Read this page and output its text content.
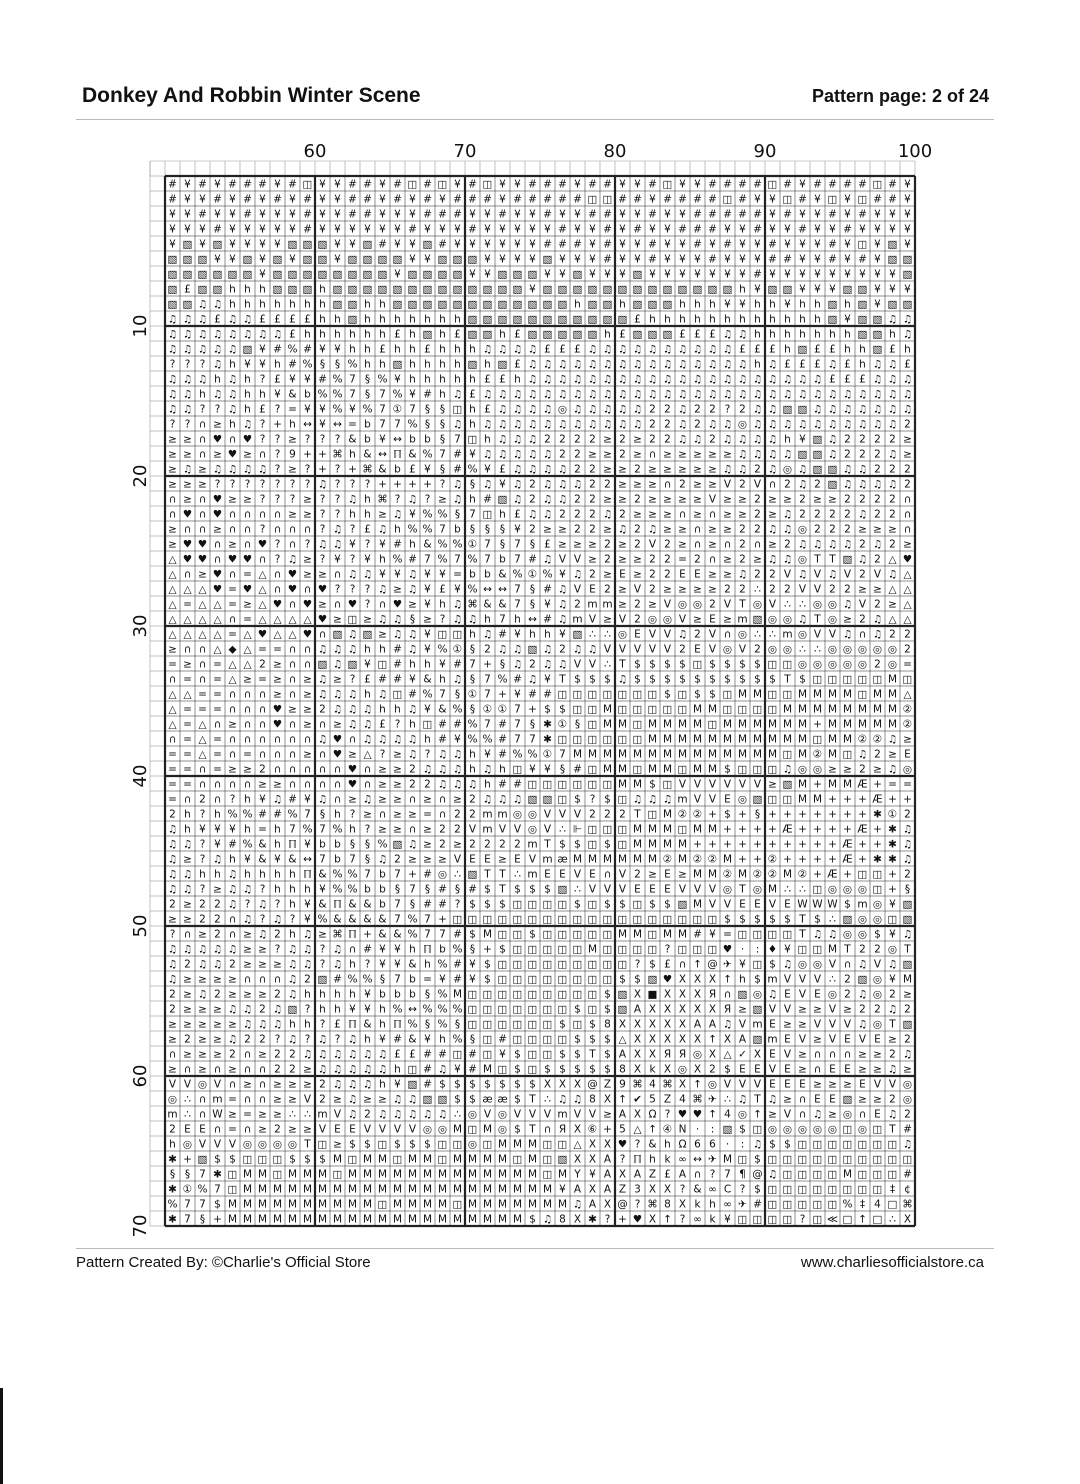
Donkey And Robbin Winter Scene	Pattern page: 2 of 24
60	70	80	90	100
10
20
30
40
50
60
70
# ¥ # ¥ # # # ¥ # ◫ ¥ ¥ # # ¥ # ◫ # ◫ ¥ # ◫ ¥ ¥ # # # ¥ # # ¥ ¥ # ◫ ¥ ¥ # # # # ◫ # ¥ # # # # ◫ # ¥
# ¥ ¥ # ¥ # ¥ # ¥ # ¥ ¥ # # ¥ # ¥ # ¥ # # # ¥ # # # # # ◫ ◫ # # ¥ # # # # ◫ # ¥ ¥ ◫ # ¥ ◫ ¥ ◫ # # ¥
¥ ¥ # ¥ ¥ # ¥ ¥ ¥ # ¥ ¥ # # ¥ ¥ ¥ # # # ¥ ¥ # ¥ ¥ # ¥ ¥ # # ¥ ¥ # ¥ ¥ # # # # # ¥ # ¥ ¥ # ¥ # ¥ ¥ ¥
¥ ¥ ¥ # ¥ ¥ ¥ ¥ ¥ # ¥ ¥ ¥ ¥ ¥ ¥ # ¥ ¥ ¥ # ¥ ¥ ¥ ¥ ¥ # ¥ ¥ # ¥ # ¥ ¥ # # # ¥ ¥ # ¥ ¥ # ¥ ¥ # ¥ ¥ ¥ ¥
¥ ▧ ¥ ▧ ¥ ¥ ¥ ¥ ▧ ▧ ▧ ¥ ¥ ▧ # ¥ ¥ ▧ # ¥ ¥ ¥ ¥ ¥ ¥ # # # ¥ # ¥ ¥ # ¥ ¥ # ¥ # ¥ ¥ # ¥ ¥ ¥ # ¥ ◫ ¥ ▧ ¥
▧ ▧ ▧ ¥ ¥ ▧ ¥ ▧ ¥ ▧ ▧ ¥ ▧ ▧ ▧ ▧ ¥ ¥ ▧ ▧ ▧ ¥ ¥ ¥ ¥ ▧ ¥ ¥ ¥ # ¥ ¥ # ¥ ¥ ¥ # ¥ ¥ ¥ # # ¥ ¥ # ¥ # ¥ ▧ ▧
▧ ▧ ▧ ▧ ▧ ▧ ¥ ▧ ▧ ▧ ▧ ▧ ▧ ▧ ▧ ¥ ▧ ▧ ▧ ▧ ¥ ¥ ▧ ▧ ▧ ¥ ¥ ▧ ¥ ¥ ¥ ▧ ¥ ¥ ¥ ¥ ¥ ¥ ¥ # ¥ ¥ ¥ ¥ ¥ ¥ ¥ ¥ ¥ ▧
▧ £ ▧ ▧ h h h ▧ ▧ ▧ h ▧ ▧ ▧ ▧ ▧ ▧ ▧ ▧ ▧ ▧ ▧ ▧ ▧ ¥ ▧ ▧ ▧ ▧ ▧ ▧ ▧ ▧ ▧ ▧ ▧ ▧ ▧ h ¥ ▧ ▧ ¥ ¥ ¥ ▧ ▧ ¥ ¥ ¥
▧ ▧ ♫ ♫ h h h h h h h ▧ ▧ h h ▧ ▧ ▧ ▧ ▧ ▧ ▧ ▧ ▧ ▧ ▧ ▧ h ▧ ▧ h ▧ ▧ ▧ h h h ¥ ¥ h h ¥ h h ▧ h ▧ ¥ ▧ ▧
♫ ♫ ♫ £ ♫ ♫ £ £ £ £ h h ▧ h h h h h h h ▧ ▧ ▧ ▧ ▧ ▧ ▧ ▧ ▧ ▧ ▧ £ h h h h h h h h h h h h ▧ ¥ ▧ ▧ ♫ ♫
♫ ♫ ♫ ♫ ♫ ♫ ♫ ♫ £ h h h h h h £ h ▧ h £ ▧ ▧ h £ ▧ ▧ ▧ ▧ ▧ h £ ▧ ▧ ▧ £ £ £ ♫ ♫ h h h h h h h ▧ ▧ h ♫
♫ ♫ ♫ ♫ ♫ ▧ ¥ # % # ¥ ¥ h h £ h h £ h h h ♫ ♫ ♫ ♫ £ £ £ ♫ ♫ ♫ ♫ ♫ ♫ ♫ ♫ ♫ ♫ £ £ £ h ▧ £ £ h h ▧ £ h
? ? ? ♫ h ¥ ¥ h # % § § % h h ▧ h h h h ▧ h ▧ £ ♫ ♫ ♫ ♫ ♫ ♫ ♫ ♫ ♫ ♫ ♫ ♫ ♫ ♫ ♫ h ♫ £ £ £ ♫ £ h ♫ ♫ £
♫ ♫ ♫ h ♫ h ? £ ¥ ¥ # % 7 § % ¥ h h h h h £ £ h ♫ ♫ ♫ ♫ ♫ ♫ ♫ ♫ ♫ ♫ ♫ ♫ ♫ ♫ ♫ ♫ ♫ ♫ ♫ ♫ £ £ £ ♫ ♫ ♫
♫ ♫ h ♫ ♫ h h ¥ & b % % 7 § 7 % ¥ # h ♫ £ ♫ ♫ ♫ ♫ ♫ ♫ ♫ ♫ ♫ ♫ ♫ ♫ ♫ ♫ ♫ ♫ ♫ ♫ ♫ ♫ ♫ ♫ ♫ ♫ ♫ ♫ ♫ ♫ ♫
♫ ♫ ? ? ♫ h £ ? = ¥ ¥ % ¥ % 7 ① 7 § § ◫ h £ ♫ ♫ ♫ ♫ ◎ ♫ ♫ ♫ ♫ ♫ 2 2 ♫ 2 2 ? 2 ♫ ♫ ▧ ▧ ♫ ♫ ♫ ♫ ♫ ♫ ♫
? ? ∩ ≥ h ♫ ? + h ↔ ¥ ↔ = b 7 7 % § § ♫ h ♫ ♫ ♫ ♫ ♫ ♫ ♫ ♫ ♫ ♫ ♫ 2 2 ♫ 2 ♫ ♫ ◎ ♫ ♫ ♫ ♫ ♫ ♫ ♫ ♫ ♫ ♫ 2
≥ ≥ ∩ ♥ ∩ ♥ ? ? ≥ ? ? ? & b ¥ ↔ b b § 7 ◫ h ♫ ♫ ♫ 2 2 2 2 ≥ 2 ≥ 2 2 ♫ ♫ 2 ♫ ♫ ♫ ♫ h ¥ ▧ ♫ 2 2 2 2 ≥
≥ ≥ ∩ ≥ ♥ ≥ ∩ ? 9 + + ⌘ h & ↔ ℿ & % 7 # ¥ ♫ ♫ ♫ ♫ ♫ 2 2 ≥ ≥ 2 ≥ ∩ ≥ ≥ ≥ ≥ ≥ ♫ ♫ ♫ ♫ ▧ ▧ ♫ 2 2 2 ♫ ≥
≥ ♫ ≥ ♫ ♫ ♫ ♫ ? ≥ ? + ? + ⌘ & b £ ¥ § # % ¥ £ ♫ ♫ ♫ ♫ 2 2 ≥ ≥ 2 ≥ ≥ ≥ ≥ ≥ ♫ ♫ 2 ♫ ◎ ♫ ▧ ▧ ♫ ♫ 2 2 2
≥ ≥ ≥ ? ? ? ? ? ? ? ♫ ? ? ? + + + + ? ♫ § ♫ ¥ ♫ 2 ♫ ♫ ♫ 2 2 ≥ ≥ ≥ ∩ 2 ≥ ≥ V 2 V ∩ 2 ♫ 2 ▧ ♫ ♫ ♫ ♫ 2
∩ ≥ ∩ ♥ ≥ ≥ ? ? ? ≥ ? ? ♫ h ⌘ ? ♫ ? ≥ ♫ h # ▧ ♫ 2 ♫ ♫ 2 2 ≥ ≥ 2 ≥ ≥ ≥ ≥ V ≥ ≥ 2 ≥ ≥ 2 ≥ ≥ 2 2 2 2 ∩
∩ ♥ ∩ ♥ ∩ ∩ ∩ ∩ ≥ ≥ ? ? h h ≥ ♫ ¥ % % § 7 ◫ h £ ♫ ♫ 2 2 2 ♫ 2 ≥ ≥ ≥ ∩ ≥ ∩ ≥ ≥ 2 ≥ ♫ 2 2 2 2 ♫ 2 2 ∩
≥ ∩ ∩ ≥ ∩ ∩ ? ∩ ∩ ∩ ? ♫ ? £ ♫ h % % 7 b § § § ¥ 2 ≥ ≥ 2 2 ≥ ♫ 2 ♫ ≥ ≥ ∩ ≥ ≥ 2 2 ♫ ♫ ◎ 2 2 2 ≥ ≥ ≥ ∩
≥ ♥ ♥ ∩ ≥ ∩ ♥ ? ∩ ? ♫ ♫ ¥ ? ¥ # h & % % ① 7 § 7 § £ ≥ ≥ ≥ 2 ≥ 2 V 2 ≥ ∩ ≥ ∩ 2 ∩ ≥ 2 ♫ ♫ ♫ ♫ 2 ♫ 2 ≥
△ ♥ ♥ ∩ ♥ ♥ ∩ ? ♫ ≥ ? ¥ ? ¥ h % # 7 % 7 % 7 b 7 # ♫ V V ≥ 2 ≥ ≥ 2 2 = 2 ∩ ≥ 2 ≥ ♫ ♫ ◎ T T ▧ ♫ 2 △ ♥
△ ∩ ≥ ♥ ∩ = △ ∩ ♥ ≥ ≥ ∩ ♫ ♫ ¥ ¥ ♫ ¥ ¥ = b b & % ① % ¥ ♫ 2 ≥ E ≥ 2 2 E E ≥ ≥ ♫ 2 2 V ♫ V ♫ V 2 V ♫ △
△ △ △ ♥ = ♥ △ ∩ ♥ ∩ ♥ ? ? ? ♫ ≥ ♫ ¥ £ ¥ % ↔ ↔ 7 § # ♫ V E 2 ≥ V 2 ≥ ≥ ≥ ≥ 2 2 ∴ 2 2 V V 2 2 ≥ ≥ △ △
△ = △ △ = ≥ △ ♥ ∩ ♥ ≥ ∩ ♥ ? ∩ ♥ ≥ ¥ h ♫ ⌘ & & 7 § ¥ ♫ 2 m m ≥ 2 ≥ V ◎ ◎ 2 V T ◎ V ∴ ∴ ◎ ◎ ♫ V 2 ≥ △
△ △ △ △ ∩ = △ △ △ △ ♥ ≥ ◫ ≥ ♫ ♫ § ≥ ? ♫ ♫ h 7 h ↔ # ♫ m V ≥ V 2 ◎ ◎ V ≥ E ≥ m ▧ ◎ ◎ ♫ T ◎ ≥ 2 ♫ △ △
△ △ △ △ = △ ♥ △ △ ♥ ∩ ▧ ♫ ▧ ≥ ♫ ♫ ¥ ◫ ◫ h ♫ # ¥ h h ¥ ▧ ∴ ∴ ◎ E V V ♫ 2 V ∩ ◎ ∴ ∴ m ◎ V V ♫ ∩ ♫ 2 2
≥ ∩ ∩ △ ◆ △ = = ∩ ∩ ♫ ♫ ♫ h h # ♫ ¥ % ① § 2 ♫ ♫ ▧ ♫ 2 ♫ ♫ V V V V V 2 E V ◎ V 2 ◎ ◎ ∴ ∴ ◎ ◎ ◎ ◎ ◎ 2
= ≥ ∩ = △ △ 2 ≥ ∩ ∩ ▧ ♫ ▧ ¥ ◫ # h h ¥ # 7 + § ♫ 2 ♫ ♫ V V ∴ T $ $ $ $ ◫ $ $ $ $ ◫ ◫ ◎ ◎ ◎ ◎ ◎ 2 ◎ =
∩ = ∩ = △ ≥ = ≥ ∩ ≥ ♫ ≥ ? £ # # ¥ & h ♫ § 7 % # ♫ ¥ T $ $ $ ♫ $ $ $ $ $ $ $ $ $ $ T $ ◫ ◫ ◫ ◫ ◫ M ◫
△ △ = = ∩ ∩ ∩ ≥ ∩ ≥ ♫ ♫ ♫ h ♫ ◫ # % 7 § ① 7 + ¥ # # ◫ ◫ ◫ ◫ ◫ ◫ ◫ $ ◫ $ $ ◫ M M ◫ ◫ M M M M ◫ M M △
△ = = = ∩ ∩ ∩ ♥ ≥ ≥ 2 ♫ ♫ ♫ h h ♫ ¥ & % § ① ① 7 + $ $ ◫ ◫ M ◫ ◫ ◫ ◫ ◫ M M ◫ ◫ ◫ ◫ M M M M M M M M ②
△ = △ ∩ ≥ ∩ ∩ ♥ ∩ ≥ ∩ ≥ ♫ ♫ £ ? h ◫ # # % 7 # 7 § ✱ ① § ◫ M M ◫ M M M M ◫ M M M M M M + M M M M M ②
∩ = △ = ∩ ∩ ∩ ∩ ∩ ∩ ♫ ♥ ∩ ♫ ♫ ♫ ♫ h # ¥ % % # 7 7 ✱ ◫ ◫ ◫ ◫ ◫ ◫ M M M M M M M M M M M ◫ M M ② ② ♫ ≥
= = △ = ∩ = ∩ ∩ ∩ ≥ ∩ ♥ ≥ △ ? ≥ ♫ ? ♫ ♫ h ¥ # % % ① 7 M M M M M M M M M M M M M M ◫ M ② M ◫ ♫ 2 ≥ E
= = ∩ = ≥ ≥ 2 ∩ ∩ ∩ ∩ ∩ ♥ ∩ ≥ ≥ 2 ♫ ♫ ♫ h ♫ h ◫ ¥ ¥ § # ◫ M M ◫ M M ◫ M M $ ◫ ◫ ◫ ♫ ◎ ◎ ≥ ≥ 2 ≥ ♫ ◎
= = ∩ ∩ ∩ ∩ ≥ ≥ ∩ ∩ ∩ ∩ ♥ ∩ ≥ ≥ 2 2 ♫ ♫ ♫ h # # ◫ ◫ ◫ ◫ ◫ ◫ M M $ ◫ V V V V V V ≥ ▧ M + M M Æ + = =
= ∩ 2 ∩ ? h ¥ ♫ # ¥ ♫ ∩ ≥ ♫ ≥ ≥ ∩ ≥ ∩ ≥ 2 ♫ ♫ ♫ ▧ ▧ ◫ $ ? $ ◫ ♫ ♫ ♫ m V V E ◎ ▧ ◫ ◫ M M + + + Æ + +
2 h ? h % % # # % 7 § h ? ≥ ∩ ≥ ≥ = ∩ 2 2 m m ◎ ◎ V V V 2 2 2 T ◫ M ② ② + $ + § + + + + + + + ✱ ① 2
♫ h ¥ ¥ ¥ h = h 7 % 7 % h ? ≥ ≥ ∩ ≥ 2 2 V m V V ◎ V ∴ ⊩ ◫ ◫ ◫ M M M ◫ M M + + + + Æ + + + + Æ + ✱ ♫
♫ ♫ ? ¥ # % & h ℿ ¥ b b § § % ▧ ♫ ≥ 2 ≥ 2 2 2 2 m T $ $ ◫ $ ◫ M M M M + + + + + + + + + + Æ + + ✱ ♫
♫ ≥ ? ♫ h ¥ & ¥ & ↔ 7 b 7 § ♫ 2 ≥ ≥ ≥ V E E ≥ E V m æ M M M M M M ② M ② ② M + + ② + + + + Æ + ✱ ✱ ♫
♫ ♫ h h ♫ h h h h ℿ & % % 7 b 7 + # ◎ ∴ ▧ T T ∴ m E E V E ∩ V 2 ≥ E ≥ M M ② M ② ② M ② + Æ + ◫ ◫ + 2
♫ ♫ ? ≥ ♫ ♫ ? h h h ¥ % % b b § 7 § # § # $ T $ $ $ ▧ ∴ V V V E E E V V V ◎ T ◎ M ∴ ∴ ◫ ◎ ◎ ◎ ◫ + §
2 ≥ 2 2 ♫ ? ♫ ? h ¥ & ℿ & & b 7 § # # ? $ $ $ ◫ ◫ ◫ ◫ $ ◫ $ $ ◫ $ $ ▧ M V V E E V E W W W $ m ◎ ¥ ▧
≥ ≥ 2 2 ∩ ♫ ? ♫ ? ¥ % & & & & 7 % 7 + ◫ ◫ ◫ ◫ ◫ ◫ ◫ ◫ ◫ ◫ ◫ ◫ ◫ ◫ ◫ ◫ ◫ ◫ $ $ $ $ $ T $ ∴ ▧ ◎ ◎ ◫ ▧
? ∩ ≥ 2 ∩ ≥ ♫ 2 h ♫ ≥ ⌘ ℿ + & & % 7 7 # $ M ◫ ◫ $ ◫ ◫ ◫ ◫ ◫ M M ◫ M M # ¥ = ◫ ◫ ◫ ◫ T ♫ ♫ ◎ ◎ $ ¥ ♫
♫ ♫ ♫ ♫ ♫ ≥ ≥ ? ♫ ♫ ? ♫ ∩ # ¥ ¥ h ℿ b % § + $ ◫ ◫ ◫ ◫ ◫ M ◫ ◫ ◫ ◫ ? ◫ ◫ ◫ ♥ · : ♦ ¥ ◫ ◫ M T 2 2 ◎ T
♫ 2 ♫ ♫ 2 ≥ ≥ ≥ ♫ ♫ ? ♫ h ? ¥ ¥ & h % # ¥ $ ◫ ◫ ◫ ◫ ◫ ◫ ◫ ◫ ◫ ? $ £ ∩ ↑ @ ✈ ¥ ◫ $ ♫ ◎ ◎ V ∩ ♫ V ♫ ▧
♫ ≥ ≥ ≥ ≥ ∩ ∩ ∩ ♫ 2 ▧ # % % § 7 b = ¥ # ¥ $ ◫ ◫ ◫ ◫ ◫ ◫ ◫ ◫ $ $ ▧ ♥ X X X ↑ h $ m V V V ∴ 2 ▧ ◎ ¥ M
2 ≥ ♫ 2 ≥ ≥ ≥ 2 ♫ h h h h ¥ b b b § % M ◫ ◫ ◫ ◫ ◫ ◫ ◫ ◫ ◫ $ ▧ X ■ X X X Я ∩ ▧ ◎ ♫ E V E ◎ 2 ♫ ◎ 2 ≥
2 ≥ ≥ ≥ ♫ ♫ 2 ♫ ▧ ? h h ¥ ¥ h % ↔ % % % ◫ ◫ ◫ ◫ ◫ ◫ ◫ $ ◫ $ ▧ A X X X X X Я ≥ ▧ V V ≥ ≥ V ≥ 2 2 ♫ 2
≥ ≥ ≥ ≥ ≥ ♫ ♫ ♫ h h ? £ ℿ & h ℿ % § % § ◫ ◫ ◫ ◫ ◫ ◫ $ ◫ $ 8 X X X X X A A ♫ V m E ≥ ≥ V V V ♫ ◎ T ▧
≥ 2 ≥ ≥ ♫ 2 2 ? ♫ ? ♫ ? ♫ h ¥ # & ¥ h % § ◫ # ◫ ◫ ◫ ◫ $ $ $ △ X X X X X ↑ X A ▧ m E V ≥ V E V E ≥ 2
∩ ≥ ≥ ≥ 2 ∩ ≥ 2 2 ♫ ♫ ♫ ♫ ♫ ♫ £ £ # # ◫ # ◫ ¥ $ ◫ ◫ $ $ T $ A X X Я Я ◎ X △ ✓ X E V ≥ ∩ ∩ ∩ ≥ ≥ 2 ♫
≥ ∩ ≥ ∩ ≥ ∩ ∩ 2 2 ≥ ♫ ♫ ♫ ♫ ♫ h ◫ # ♫ ¥ # M ◫ $ ◫ $ $ $ $ $ 8 X k X ◎ X 2 $ E E V E ≥ ∩ E E ≥ ≥ ♫ ≥
V V ◎ V ∩ ≥ ∩ ≥ ≥ ≥ 2 ♫ ♫ ♫ h ¥ ▧ # $ $ $ $ $ $ $ X X X @ Z 9 ⌘ 4 ⌘ X ↑ ◎ V V V E E E ≥ ≥ ≥ E V V ◎
◎ ∴ ∩ m = ∩ ∩ ≥ ≥ V 2 ≥ ♫ ≥ ≥ ♫ ♫ ▧ ▧ $ $ æ æ $ T ∴ ♫ ♫ 8 X ↑ ✔ 5 Z 4 ⌘ ✈ ∴ ♫ T ♫ ≥ ∩ E E ▧ ≥ ≥ 2 ◎
m ∴ ∩ W ≥ = ≥ ≥ ∴ ∴ m V ♫ 2 ♫ ♫ ♫ ♫ ♫ ∴ ◎ V ◎ V V V m V V ≥ A X Ω ? ♥ ♥ ↑ 4 ◎ ↑ ≥ V ∩ ♫ ≥ ◎ ∩ E ♫ 2
2 E E ∩ = ∩ ≥ 2 ≥ ≥ V E E V V V V ◎ ◎ M ◫ M ◎ $ T ∩ Я X ⑥ + 5 △ ↑ ④ N · : ▧ $ ◫ ◎ ◎ ◎ ◎ ◎ ◫ ◎ ◫ T #
h ◎ V V V ◎ ◎ ◎ ◎ T ◫ ≥ $ $ ◫ $ $ $ ◫ ◫ ◎ ◫ M M M ◫ ◫ △ X X ♥ ? & h Ω 6 6 · : ♫ $ $ ◫ ◫ ◫ ◫ ◫ ◫ ◫ ♫
✱ + ▧ $ $ ◫ ◫ ◫ $ $ $ M ◫ M M ◫ M M ◫ M M M M ◫ M ◫ ▧ X X A ? ℿ h k ∞ ↔ ✈ M ◫ $ ◫ ◫ ◫ ◫ ◫ ◫ ◫ ◫ ◫ ◫
§ § 7 ✱ ◫ M M ◫ M M M ◫ M M M M M M M M M M M M M ◫ M Y ¥ A X A Z £ A ∩ ? 7 ¶ @ ♫ ◫ ◫ ◫ ◫ M ◫ ◫ ◫ #
✱ ① % 7 ◫ M M M M M M M M M M M M M M M M M M M M M ¥ A X A Z 3 X X ? & ∞ C ? $ ◫ ◫ ◫ ◫ ◫ ◫ ◫ ◫ ‡ ¢
% 7 7 $ M M M M M M M M M M ◫ M M M M ◫ M M M M M M M ♫ A X @ ? ⌘ 8 X k h ∞ ✈ # ◫ ◫ ◫ ◫ ◫ % ‡ 4 □ ⌘
✱ 7 § + M M M M M M M M M M M M M M M M M M M M $ ♫ 8 X ✱ ? + ♥ X ↑ ? ∞ k ¥ ◫ ◫ ◫ ◫ ? ◫ ≪ □ ↑ □ ∴ X
Pattern Created By: ©Charlie's Official Store	www.charliesofficialstore.ca
